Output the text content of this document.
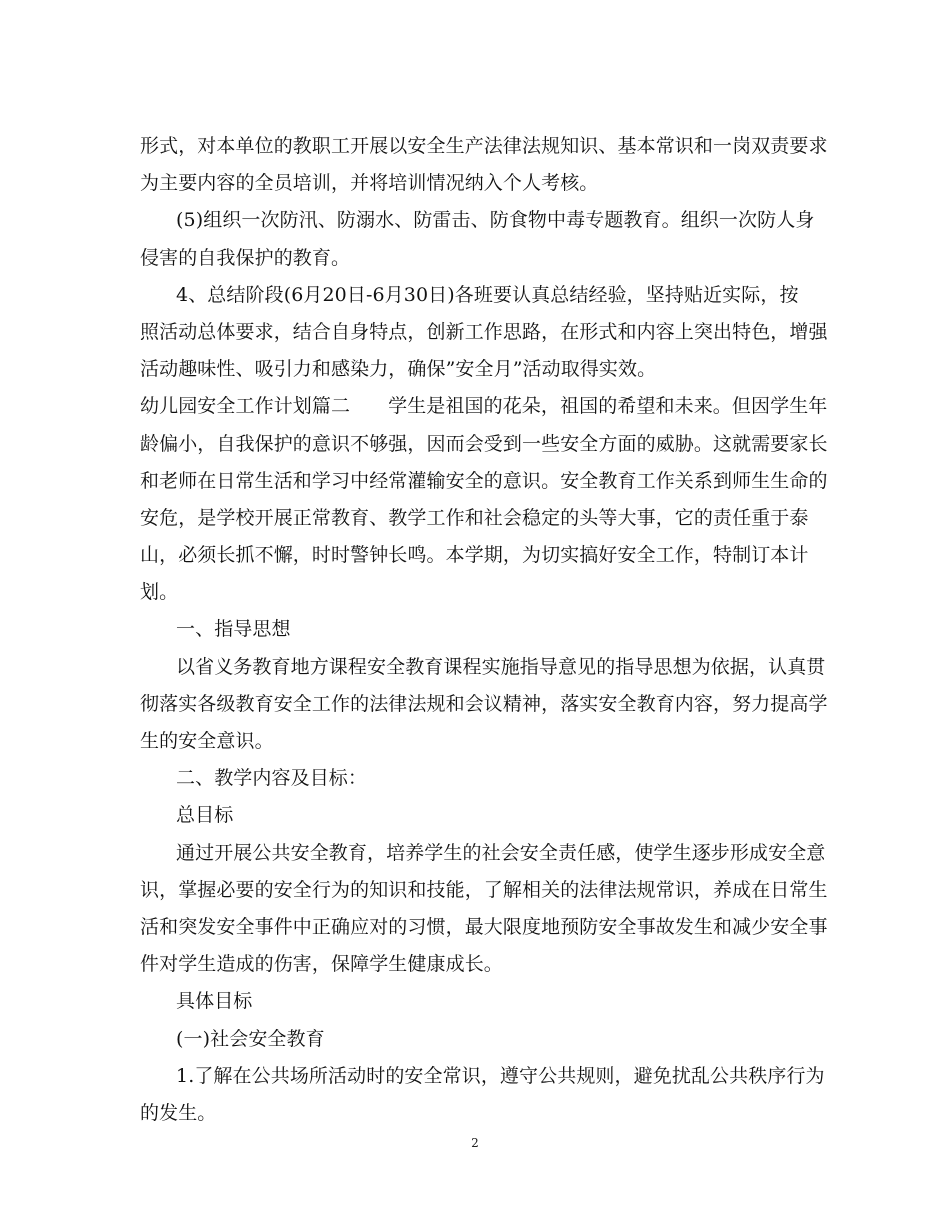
形式，对本单位的教职工开展以安全生产法律法规知识、基本常识和一岗双责要求
为主要内容的全员培训，并将培训情况纳入个人考核。
(5)组织一次防汛、防溺水、防雷击、防食物中毒专题教育。组织一次防人身
侵害的自我保护的教育。
4、总结阶段(6月20日-6月30日)各班要认真总结经验，坚持贴近实际，按
照活动总体要求，结合自身特点，创新工作思路，在形式和内容上突出特色，增强
活动趣味性、吸引力和感染力，确保”安全月”活动取得实效。
幼儿园安全工作计划篇二 学生是祖国的花朵，祖国的希望和未来。但因学生年
龄偏小，自我保护的意识不够强，因而会受到一些安全方面的威胁。这就需要家长
和老师在日常生活和学习中经常灌输安全的意识。安全教育工作关系到师生生命的
安危，是学校开展正常教育、教学工作和社会稳定的头等大事，它的责任重于泰
山，必须长抓不懈，时时警钟长鸣。本学期，为切实搞好安全工作，特制订本计
划。
一、指导思想
以省义务教育地方课程安全教育课程实施指导意见的指导思想为依据，认真贯
彻落实各级教育安全工作的法律法规和会议精神，落实安全教育内容，努力提高学
生的安全意识。
二、教学内容及目标：
总目标
通过开展公共安全教育，培养学生的社会安全责任感，使学生逐步形成安全意
识，掌握必要的安全行为的知识和技能，了解相关的法律法规常识，养成在日常生
活和突发安全事件中正确应对的习惯，最大限度地预防安全事故发生和减少安全事
件对学生造成的伤害，保障学生健康成长。
具体目标
(一)社会安全教育
1.了解在公共场所活动时的安全常识，遵守公共规则，避免扰乱公共秩序行为
的发生。
2
